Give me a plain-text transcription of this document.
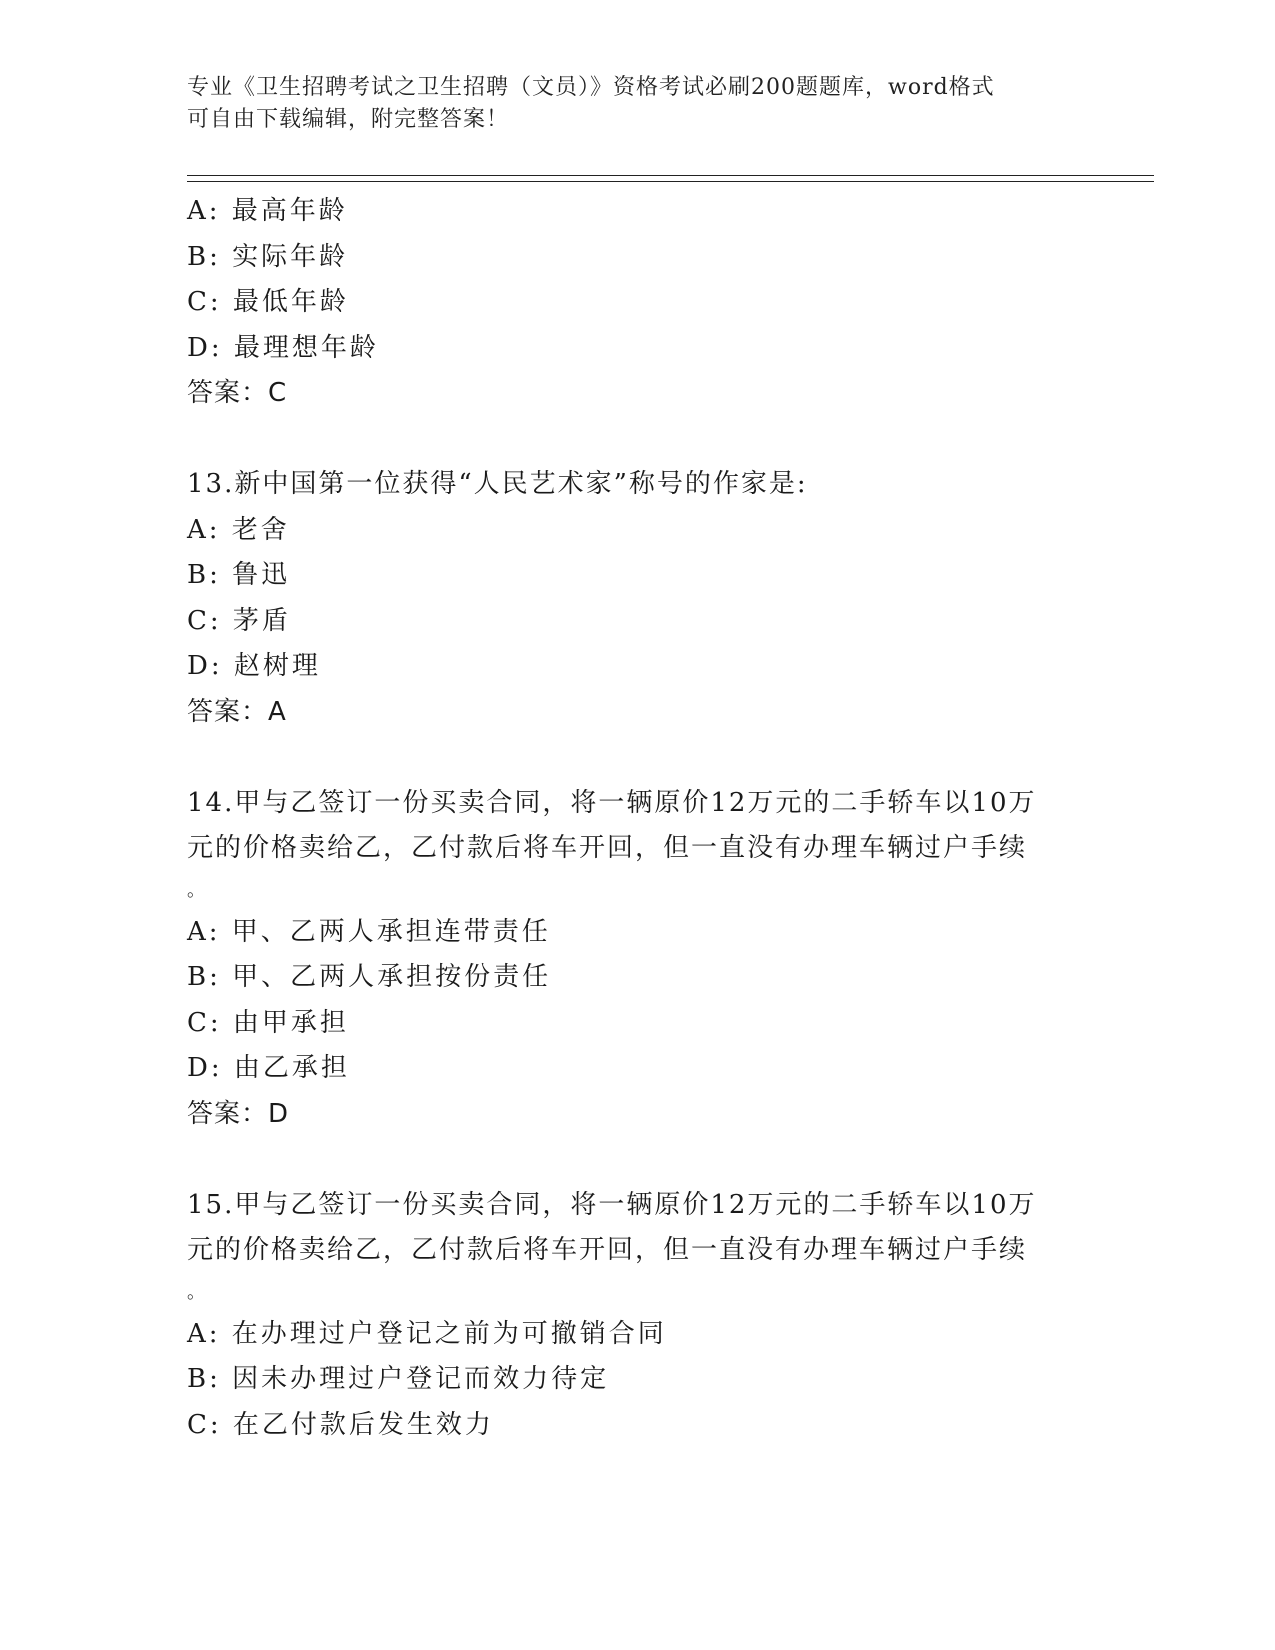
专业《卫生招聘考试之卫生招聘（文员）》资格考试必刷200题题库，word格式
可自由下载编辑，附完整答案！
A: 最高年龄
B: 实际年龄
C: 最低年龄
D: 最理想年龄
答案：C
13.新中国第一位获得“人民艺术家”称号的作家是:
A: 老舍
B: 鲁迅
C: 茅盾
D: 赵树理
答案：A
14.甲与乙签订一份买卖合同，将一辆原价12万元的二手轿车以10万
元的价格卖给乙，乙付款后将车开回，但一直没有办理车辆过户手续
。
A: 甲、乙两人承担连带责任
B: 甲、乙两人承担按份责任
C: 由甲承担
D: 由乙承担
答案：D
15.甲与乙签订一份买卖合同，将一辆原价12万元的二手轿车以10万
元的价格卖给乙，乙付款后将车开回，但一直没有办理车辆过户手续
。
A: 在办理过户登记之前为可撤销合同
B: 因未办理过户登记而效力待定
C: 在乙付款后发生效力
